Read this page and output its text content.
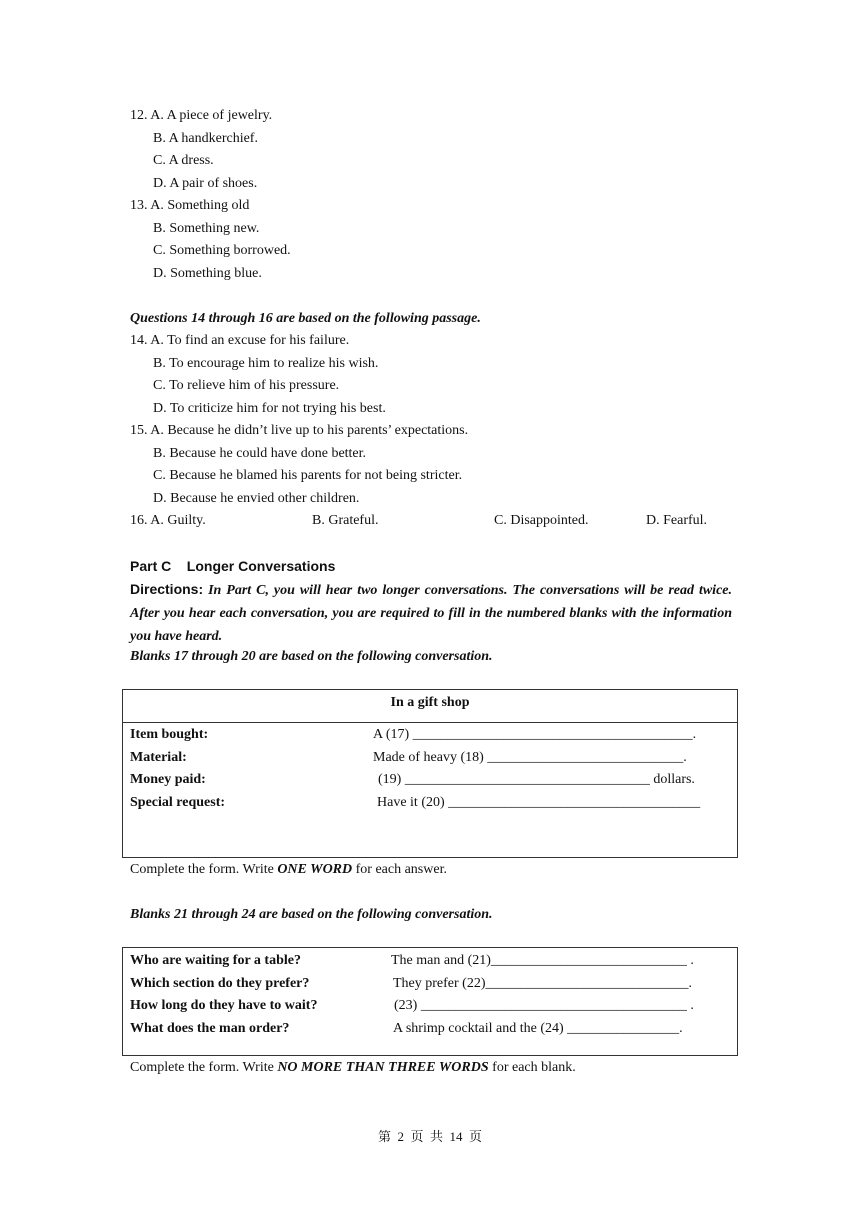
12. A. A piece of jewelry.
B. A handkerchief.
C. A dress.
D. A pair of shoes.
13. A. Something old
B. Something new.
C. Something borrowed.
D. Something blue.
Questions 14 through 16 are based on the following passage.
14. A. To find an excuse for his failure.
B. To encourage him to realize his wish.
C. To relieve him of his pressure.
D. To criticize him for not trying his best.
15. A. Because he didn’t live up to his parents’ expectations.
B. Because he could have done better.
C. Because he blamed his parents for not being stricter.
D. Because he envied other children.
16. A. Guilty.	B. Grateful.	C. Disappointed.	D. Fearful.
Part C    Longer Conversations
Directions: In Part C, you will hear two longer conversations. The conversations will be read twice. After you hear each conversation, you are required to fill in the numbered blanks with the information you have heard.
Blanks 17 through 20 are based on the following conversation.
In a gift shop
Item bought:	A (17) ________________________________________.
Material:	Made of heavy (18) ____________________________.
Money paid:	(19) ___________________________________ dollars.
Special request:	Have it (20) ____________________________________
Complete the form. Write ONE WORD for each answer.
Blanks 21 through 24 are based on the following conversation.
Who are waiting for a table?	The man and (21)____________________________ .
Which section do they prefer?	They prefer (22)_____________________________.
How long do they have to wait?	(23) ______________________________________ .
What does the man order?	A shrimp cocktail and the (24) ________________.
Complete the form. Write NO MORE THAN THREE WORDS for each blank.
第  2  页  共  14  页
